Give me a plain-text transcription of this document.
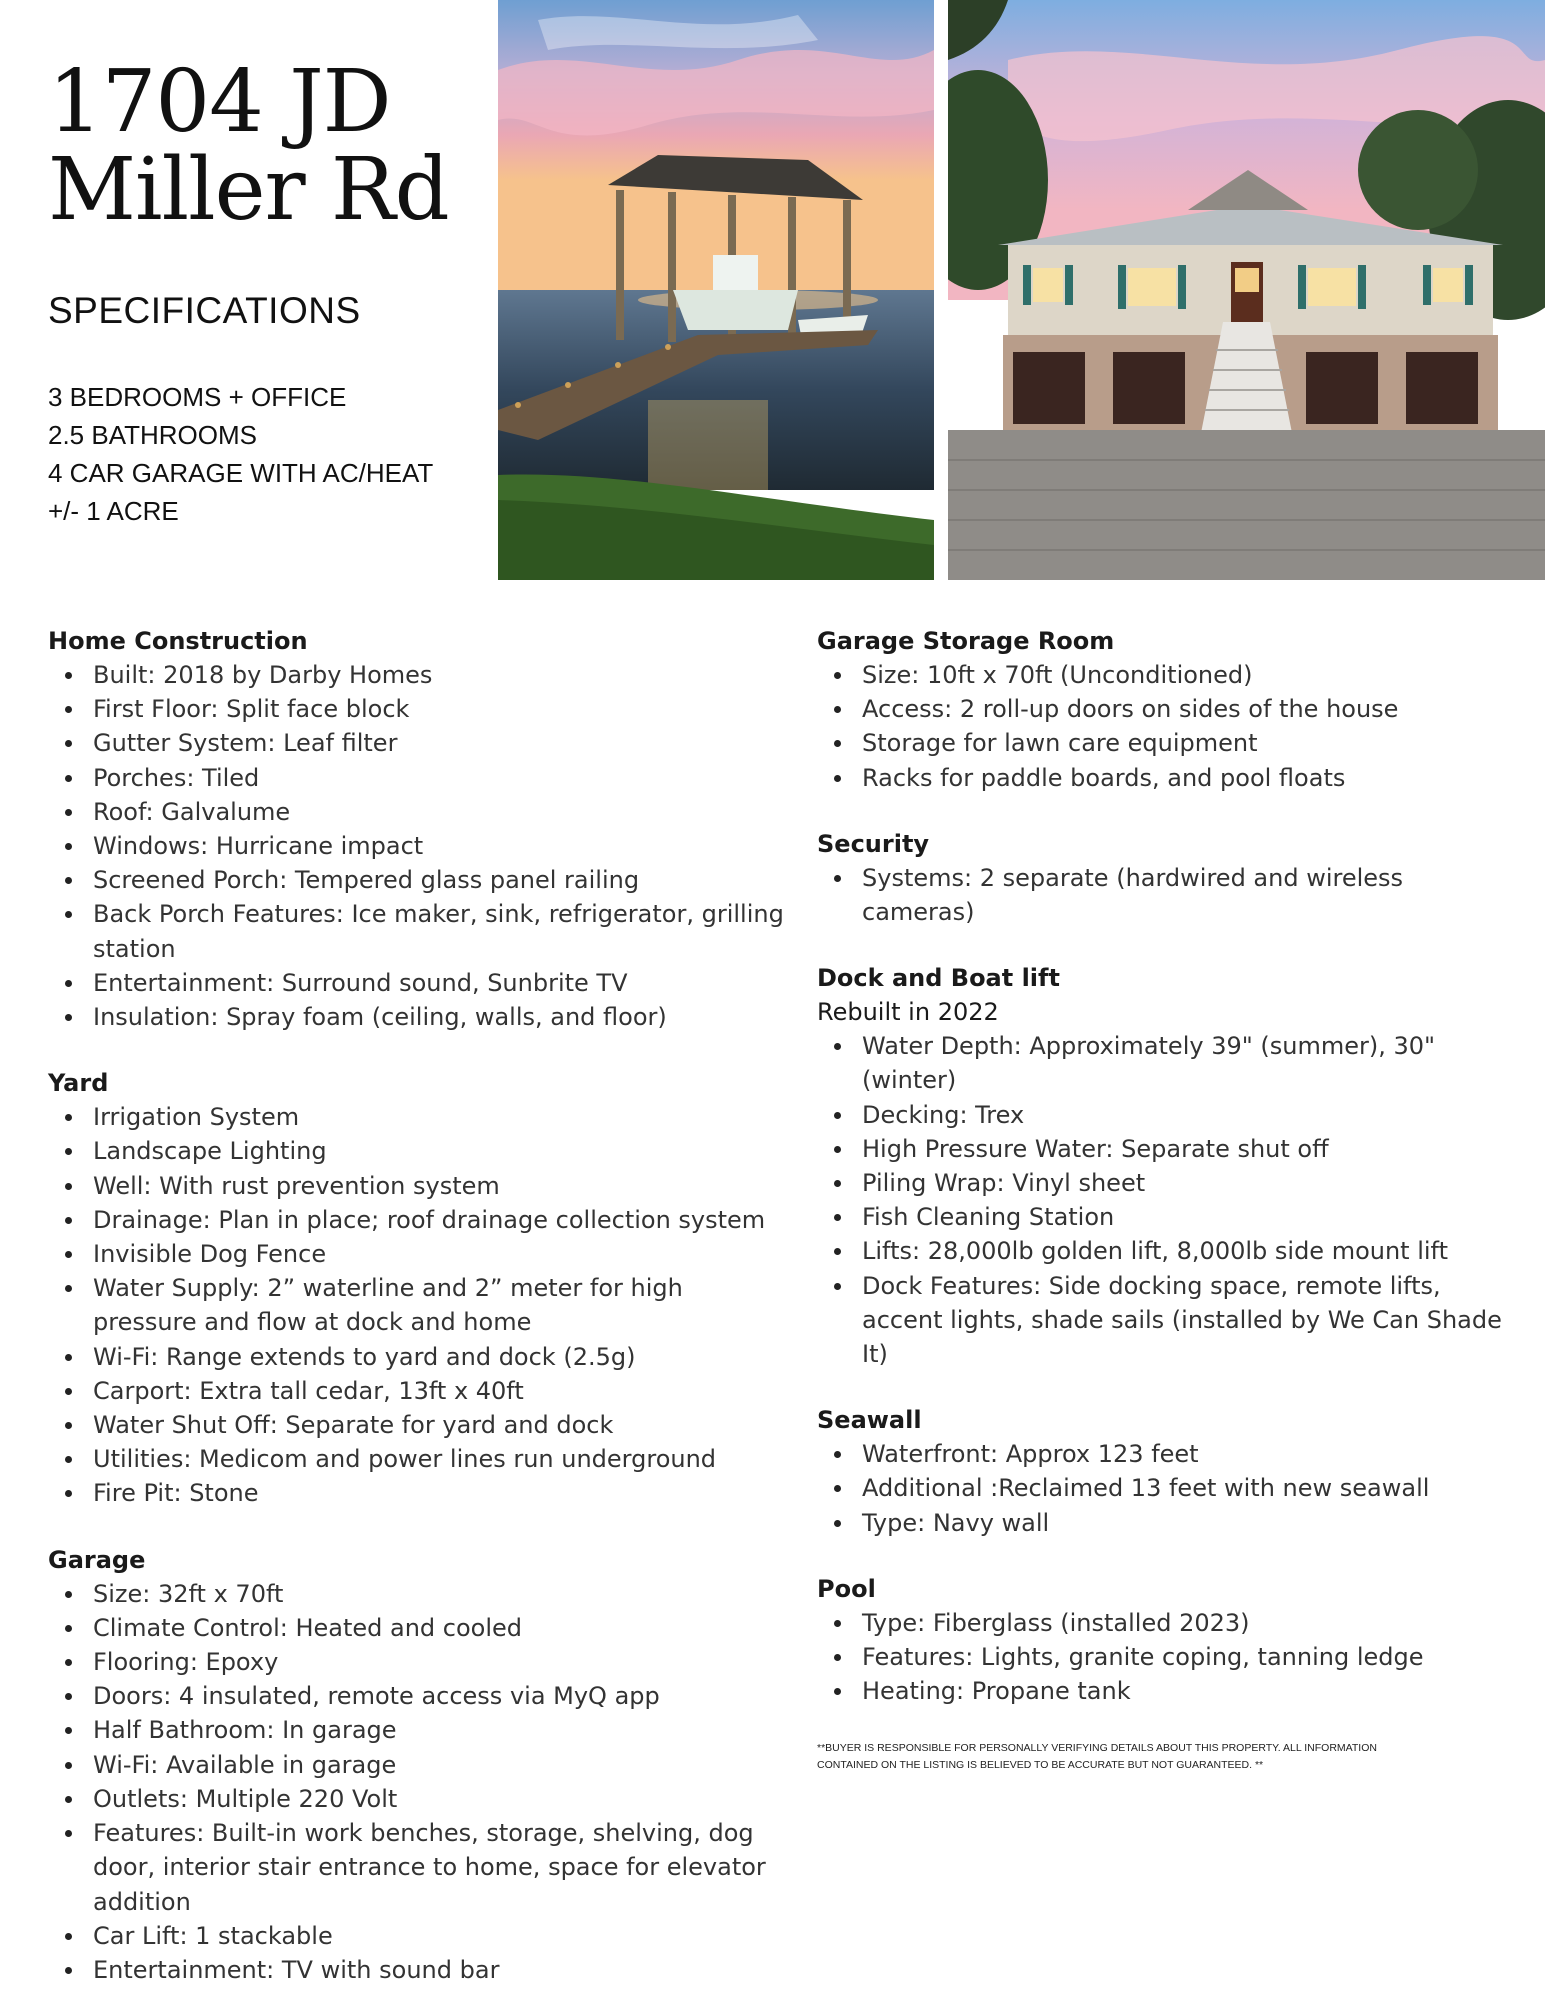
1704 JD
Miller Rd
SPECIFICATIONS
3 BEDROOMS + OFFICE
2.5 BATHROOMS
4 CAR GARAGE WITH AC/HEAT
+/- 1 ACRE
Home Construction
Built: 2018 by Darby Homes
First Floor: Split face block
Gutter System: Leaf filter
Porches: Tiled
Roof: Galvalume
Windows: Hurricane impact
Screened Porch: Tempered glass panel railing
Back Porch Features: Ice maker, sink, refrigerator, grilling station
Entertainment: Surround sound, Sunbrite TV
Insulation: Spray foam (ceiling, walls, and floor)
Yard
Irrigation System
Landscape Lighting
Well: With rust prevention system
Drainage: Plan in place; roof drainage collection system
Invisible Dog Fence
Water Supply: 2” waterline and 2” meter for high pressure and flow at dock and home
Wi-Fi: Range extends to yard and dock (2.5g)
Carport: Extra tall cedar, 13ft x 40ft
Water Shut Off: Separate for yard and dock
Utilities: Medicom and power lines run underground
Fire Pit: Stone
Garage
Size: 32ft x 70ft
Climate Control: Heated and cooled
Flooring: Epoxy
Doors: 4 insulated, remote access via MyQ app
Half Bathroom: In garage
Wi-Fi: Available in garage
Outlets: Multiple 220 Volt
Features: Built-in work benches, storage, shelving, dog door, interior stair entrance to home, space for elevator addition
Car Lift: 1 stackable
Entertainment: TV with sound bar
Garage Storage Room
Size: 10ft x 70ft (Unconditioned)
Access: 2 roll-up doors on sides of the house
Storage for lawn care equipment
Racks for paddle boards, and pool floats
Security
Systems: 2 separate (hardwired and wireless cameras)
Dock and Boat lift
Rebuilt in 2022
Water Depth: Approximately 39" (summer), 30" (winter)
Decking: Trex
High Pressure Water: Separate shut off
Piling Wrap: Vinyl sheet
Fish Cleaning Station
Lifts: 28,000lb golden lift, 8,000lb side mount lift
Dock Features: Side docking space, remote lifts, accent lights, shade sails (installed by We Can Shade It)
Seawall
Waterfront: Approx 123 feet
Additional :Reclaimed 13 feet with new seawall
Type: Navy wall
Pool
Type: Fiberglass (installed 2023)
Features: Lights, granite coping, tanning ledge
Heating: Propane tank

**BUYER IS RESPONSIBLE FOR PERSONALLY VERIFYING DETAILS ABOUT THIS PROPERTY. ALL INFORMATION CONTAINED ON THE LISTING IS BELIEVED TO BE ACCURATE BUT NOT GUARANTEED. **
